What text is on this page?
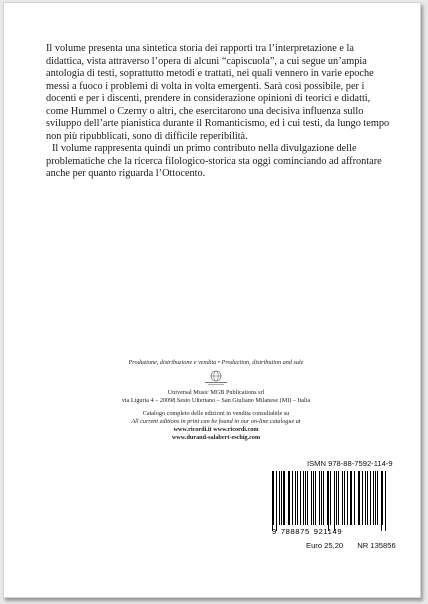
Il volume presenta una sintetica storia dei rapporti tra l’interpretazione e la didattica, vista attraverso l’opera di alcuni “capiscuola”, a cui segue un’ampia antologia di testi, soprattutto metodi e trattati, nei quali vennero in varie epoche messi a fuoco i problemi di volta in volta emergenti. Sarà così possibile, per i docenti e per i discenti, prendere in considerazione opinioni di teorici e didatti, come Hummel o Czerny o altri, che esercitarono una decisiva influenza sullo sviluppo dell’arte pianistica durante il Romanticismo, ed i cui testi, da lungo tempo non più ripubblicati, sono di difficile reperibilità.

Il volume rappresenta quindi un primo contributo nella divulgazione delle problematiche che la ricerca filologico-storica sta oggi cominciando ad affrontare anche per quanto riguarda l’Ottocento.

Produzione, distribuzione e vendita • Production, distribution and sale
Universal Music MGB Publications srl
via Liguria 4 – 20098 Sesto Ulteriano – San Giuliano Milanese (MI) – Italia
Catalogo completo delle edizioni in vendita consultabile su
All current editions in print can be found in our on-line catalogue at
www.ricordi.it www.ricordi.com
www.durand-salabert-eschig.com
ISMN 978-88-7592-114-9
9 788875 921149
Euro 25,20 NR 135856
